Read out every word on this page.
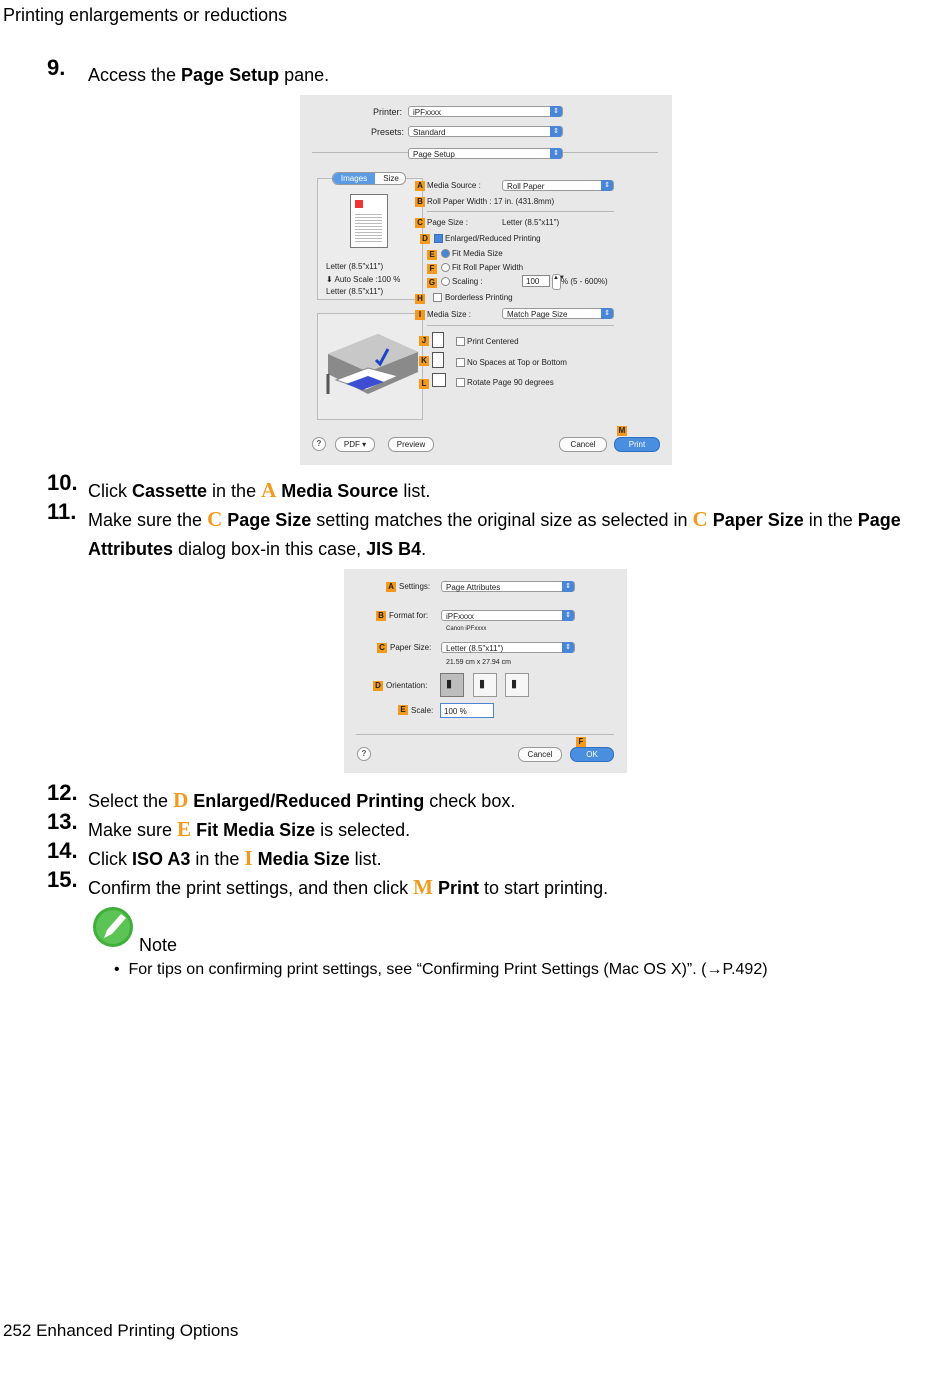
Printing enlargements or reductions
9. Access the Page Setup pane.
Printer:	iPFxxxx	⇕
Presets:	Standard	⇕
Page Setup	⇕
Images	Size
Letter (8.5"x11")
⬇ Auto Scale :100 %
Letter (8.5"x11")
A Media Source :	Roll Paper	⇕
B Roll Paper Width : 17 in. (431.8mm)
C Page Size :	Letter (8.5"x11")
D Enlarged/Reduced Printing
E Fit Media Size
F	Fit Roll Paper Width
G Scaling :	100	▲▼
% (5 - 600%)
H	Borderless Printing
I Media Size :	Match Page Size	⇕
J	Print Centered
K	No Spaces at Top or Bottom
L	Rotate Page 90 degrees
?	PDF ▾	Preview	Cancel
M
Print
10. Click Cassette in the A Media Source list.
11. Make sure the C Page Size setting matches the original size as selected in C Paper Size in the Page Attributes dialog box-in this case, JIS B4.
A Settings:	Page Attributes	⇕
B Format for:	iPFxxxx	⇕
Canon iPFxxxx
C Paper Size:	Letter (8.5"x11")	⇕
21.59 cm x 27.94 cm
D Orientation: ▮ ▮ ▮
E Scale:	100 %
?	Cancel
F
OK
12. Select the D Enlarged/Reduced Printing check box.
13. Make sure E Fit Media Size is selected.
14. Click ISO A3 in the I Media Size list.
15. Confirm the print settings, and then click M Print to start printing.
Note
• For tips on confirming print settings, see “Confirming Print Settings (Mac OS X)”. (→P.492)
252 Enhanced Printing Options
